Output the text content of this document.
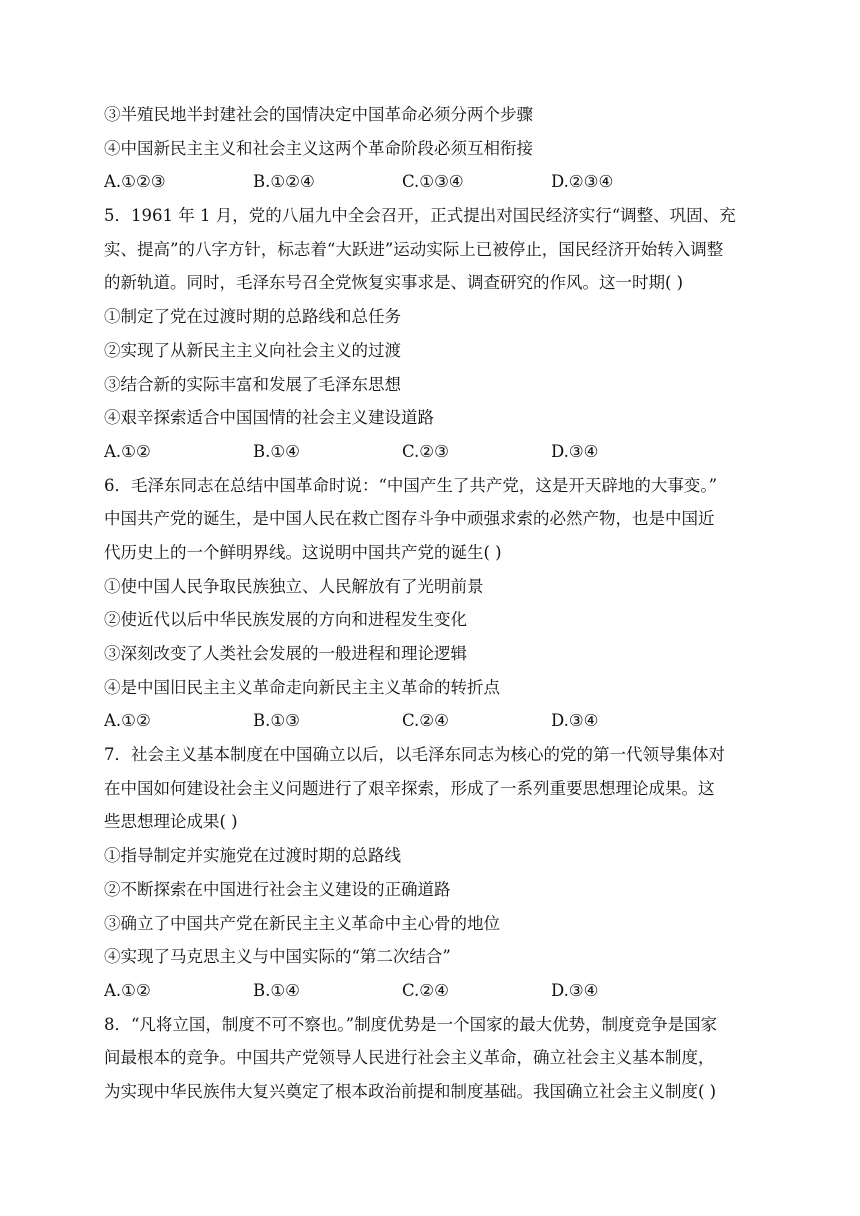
③半殖民地半封建社会的国情决定中国革命必须分两个步骤
④中国新民主主义和社会主义这两个革命阶段必须互相衔接
A.①②③	B.①②④	C.①③④	D.②③④
5．1961 年 1 月，党的八届九中全会召开，正式提出对国民经济实行“调整、巩固、充
实、提高”的八字方针，标志着“大跃进”运动实际上已被停止，国民经济开始转入调整
的新轨道。同时，毛泽东号召全党恢复实事求是、调查研究的作风。这一时期( )
①制定了党在过渡时期的总路线和总任务
②实现了从新民主主义向社会主义的过渡
③结合新的实际丰富和发展了毛泽东思想
④艰辛探索适合中国国情的社会主义建设道路
A.①②	B.①④	C.②③	D.③④
6．毛泽东同志在总结中国革命时说：“中国产生了共产党，这是开天辟地的大事变。”
中国共产党的诞生，是中国人民在救亡图存斗争中顽强求索的必然产物，也是中国近
代历史上的一个鲜明界线。这说明中国共产党的诞生( )
①使中国人民争取民族独立、人民解放有了光明前景
②使近代以后中华民族发展的方向和进程发生变化
③深刻改变了人类社会发展的一般进程和理论逻辑
④是中国旧民主主义革命走向新民主主义革命的转折点
A.①②	B.①③	C.②④	D.③④
7．社会主义基本制度在中国确立以后，以毛泽东同志为核心的党的第一代领导集体对
在中国如何建设社会主义问题进行了艰辛探索，形成了一系列重要思想理论成果。这
些思想理论成果( )
①指导制定并实施党在过渡时期的总路线
②不断探索在中国进行社会主义建设的正确道路
③确立了中国共产党在新民主主义革命中主心骨的地位
④实现了马克思主义与中国实际的“第二次结合”
A.①②	B.①④	C.②④	D.③④
8．“凡将立国，制度不可不察也。”制度优势是一个国家的最大优势，制度竞争是国家
间最根本的竞争。中国共产党领导人民进行社会主义革命，确立社会主义基本制度，
为实现中华民族伟大复兴奠定了根本政治前提和制度基础。我国确立社会主义制度( )
